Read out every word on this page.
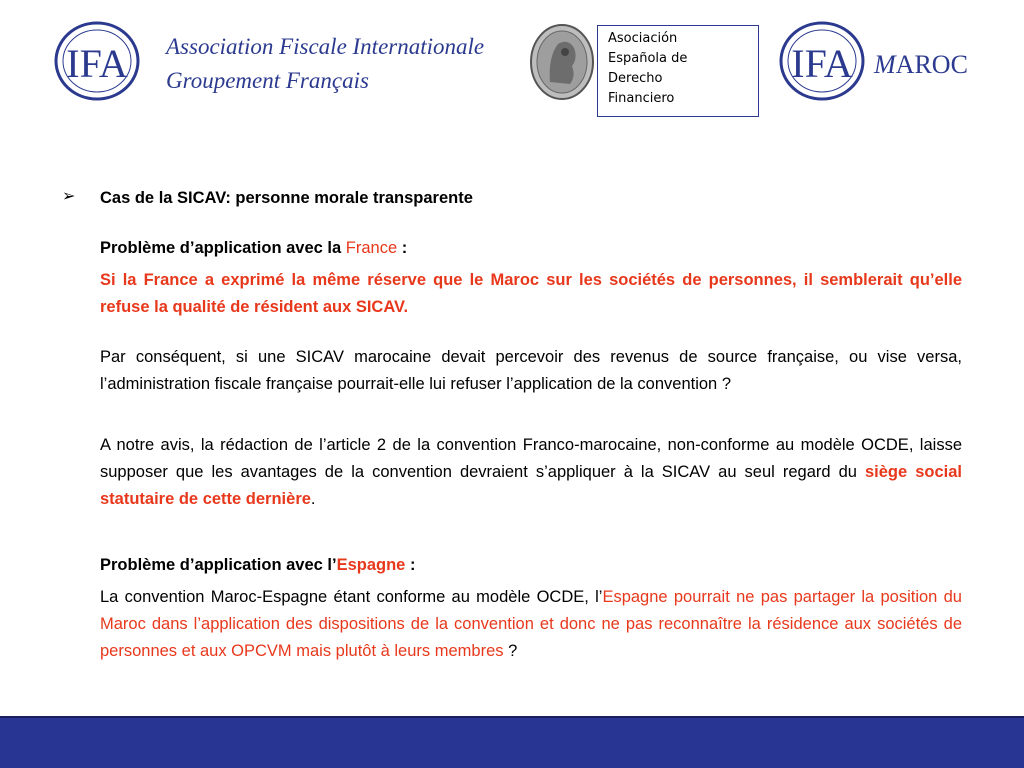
IFA Association Fiscale Internationale
Groupement Français
Asociación
Española de
Derecho
Financiero
IFA MAROC
➢ Cas de la SICAV: personne morale transparente
Problème d’application avec la France :
Si la France a exprimé la même réserve que le Maroc sur les sociétés de personnes, il semblerait qu’elle refuse la qualité de résident aux SICAV.
Par conséquent, si une SICAV marocaine devait percevoir des revenus de source française, ou vise versa, l’administration fiscale française pourrait-elle lui refuser l’application de la convention ?
A notre avis, la rédaction de l’article 2 de la convention Franco-marocaine, non-conforme au modèle OCDE, laisse supposer que les avantages de la convention devraient s’appliquer à la SICAV au seul regard du siège social statutaire de cette dernière.
Problème d’application avec l’Espagne :
La convention Maroc-Espagne étant conforme au modèle OCDE, l’Espagne pourrait ne pas partager la position du Maroc dans l’application des dispositions de la convention et donc ne pas reconnaître la résidence aux sociétés de personnes et aux OPCVM mais plutôt à leurs membres ?
